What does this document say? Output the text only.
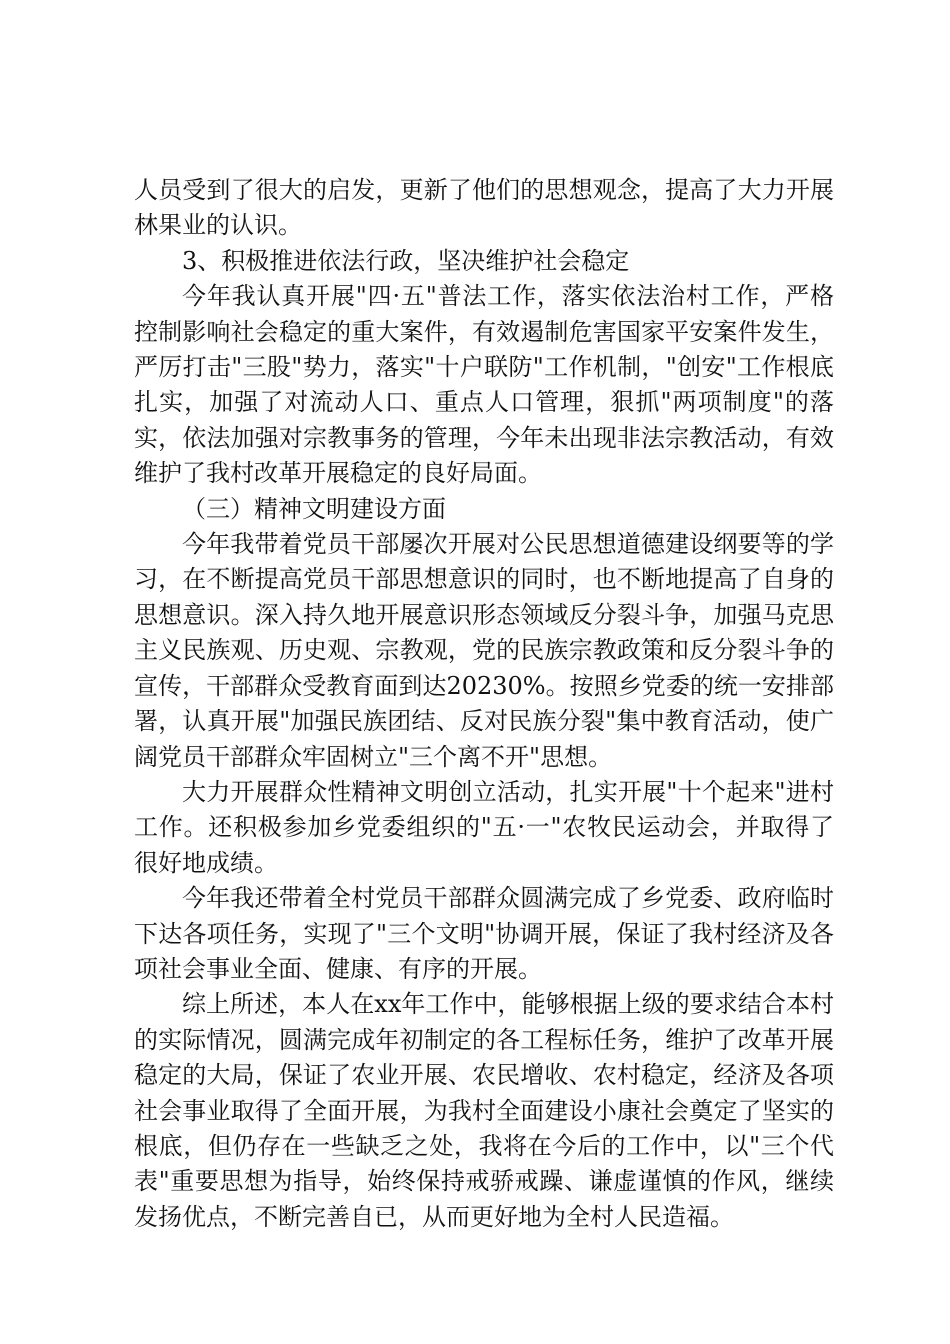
人员受到了很大的启发，更新了他们的思想观念，提高了大力开展林果业的认识。

3、积极推进依法行政，坚决维护社会稳定

今年我认真开展"四·五"普法工作，落实依法治村工作，严格控制影响社会稳定的重大案件，有效遏制危害国家平安案件发生，严厉打击"三股"势力，落实"十户联防"工作机制，"创安"工作根底扎实，加强了对流动人口、重点人口管理，狠抓"两项制度"的落实，依法加强对宗教事务的管理，今年未出现非法宗教活动，有效维护了我村改革开展稳定的良好局面。

（三）精神文明建设方面

今年我带着党员干部屡次开展对公民思想道德建设纲要等的学习，在不断提高党员干部思想意识的同时，也不断地提高了自身的思想意识。深入持久地开展意识形态领域反分裂斗争，加强马克思主义民族观、历史观、宗教观，党的民族宗教政策和反分裂斗争的宣传，干部群众受教育面到达20230%。按照乡党委的统一安排部署，认真开展"加强民族团结、反对民族分裂"集中教育活动，使广阔党员干部群众牢固树立"三个离不开"思想。

大力开展群众性精神文明创立活动，扎实开展"十个起来"进村工作。还积极参加乡党委组织的"五·一"农牧民运动会，并取得了很好地成绩。

今年我还带着全村党员干部群众圆满完成了乡党委、政府临时下达各项任务，实现了"三个文明"协调开展，保证了我村经济及各项社会事业全面、健康、有序的开展。

综上所述，本人在xx年工作中，能够根据上级的要求结合本村的实际情况，圆满完成年初制定的各工程标任务，维护了改革开展稳定的大局，保证了农业开展、农民增收、农村稳定，经济及各项社会事业取得了全面开展，为我村全面建设小康社会奠定了坚实的根底，但仍存在一些缺乏之处，我将在今后的工作中，以"三个代表"重要思想为指导，始终保持戒骄戒躁、谦虚谨慎的作风，继续发扬优点，不断完善自已，从而更好地为全村人民造福。
